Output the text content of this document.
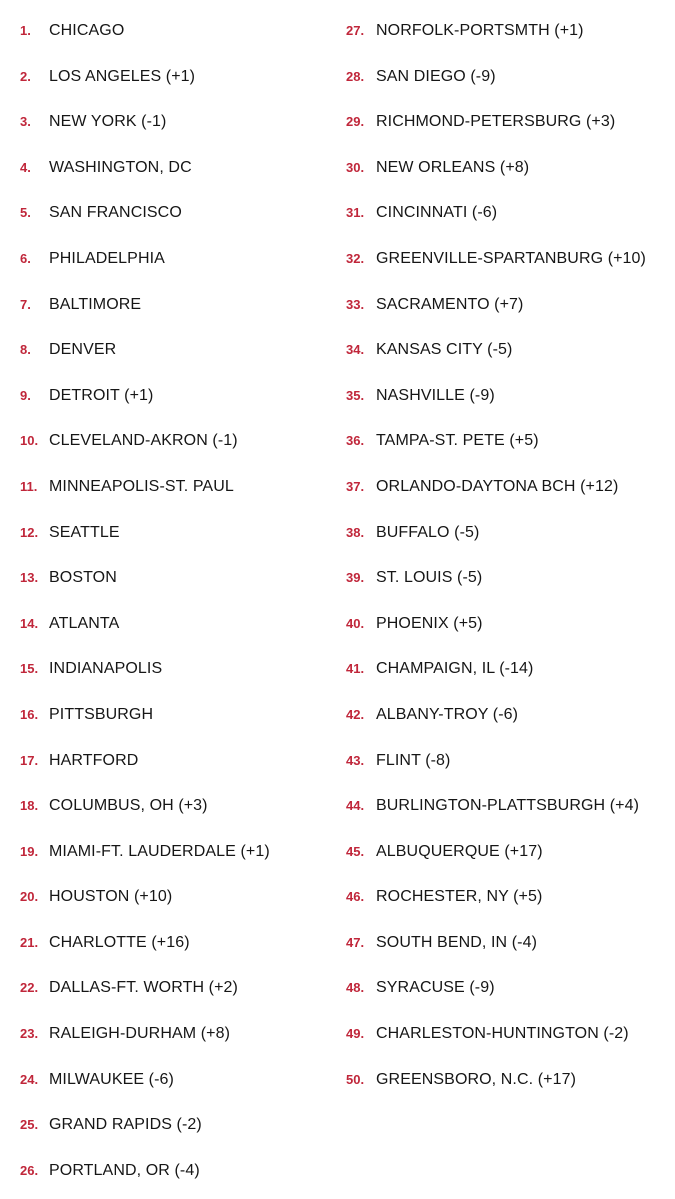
1.	CHICAGO
2.	LOS ANGELES (+1)
3.	NEW YORK (-1)
4.	WASHINGTON, DC
5.	SAN FRANCISCO
6.	PHILADELPHIA
7.	BALTIMORE
8.	DENVER
9.	DETROIT (+1)
10. CLEVELAND-AKRON (-1)
11. MINNEAPOLIS-ST. PAUL
12. SEATTLE
13. BOSTON
14. ATLANTA
15. INDIANAPOLIS
16. PITTSBURGH
17. HARTFORD
18. COLUMBUS, OH (+3)
19. MIAMI-FT. LAUDERDALE (+1)
20. HOUSTON (+10)
21. CHARLOTTE (+16)
22. DALLAS-FT. WORTH (+2)
23. RALEIGH-DURHAM (+8)
24. MILWAUKEE (-6)
25. GRAND RAPIDS (-2)
26. PORTLAND, OR (-4)
27. NORFOLK-PORTSMTH (+1)
28. SAN DIEGO (-9)
29. RICHMOND-PETERSBURG (+3)
30. NEW ORLEANS (+8)
31. CINCINNATI (-6)
32. GREENVILLE-SPARTANBURG (+10)
33. SACRAMENTO (+7)
34. KANSAS CITY (-5)
35. NASHVILLE (-9)
36. TAMPA-ST. PETE (+5)
37. ORLANDO-DAYTONA BCH (+12)
38. BUFFALO (-5)
39. ST. LOUIS (-5)
40. PHOENIX (+5)
41. CHAMPAIGN, IL (-14)
42. ALBANY-TROY (-6)
43. FLINT (-8)
44. BURLINGTON-PLATTSBURGH (+4)
45. ALBUQUERQUE (+17)
46. ROCHESTER, NY (+5)
47. SOUTH BEND, IN (-4)
48. SYRACUSE (-9)
49. CHARLESTON-HUNTINGTON (-2)
50. GREENSBORO, N.C. (+17)
